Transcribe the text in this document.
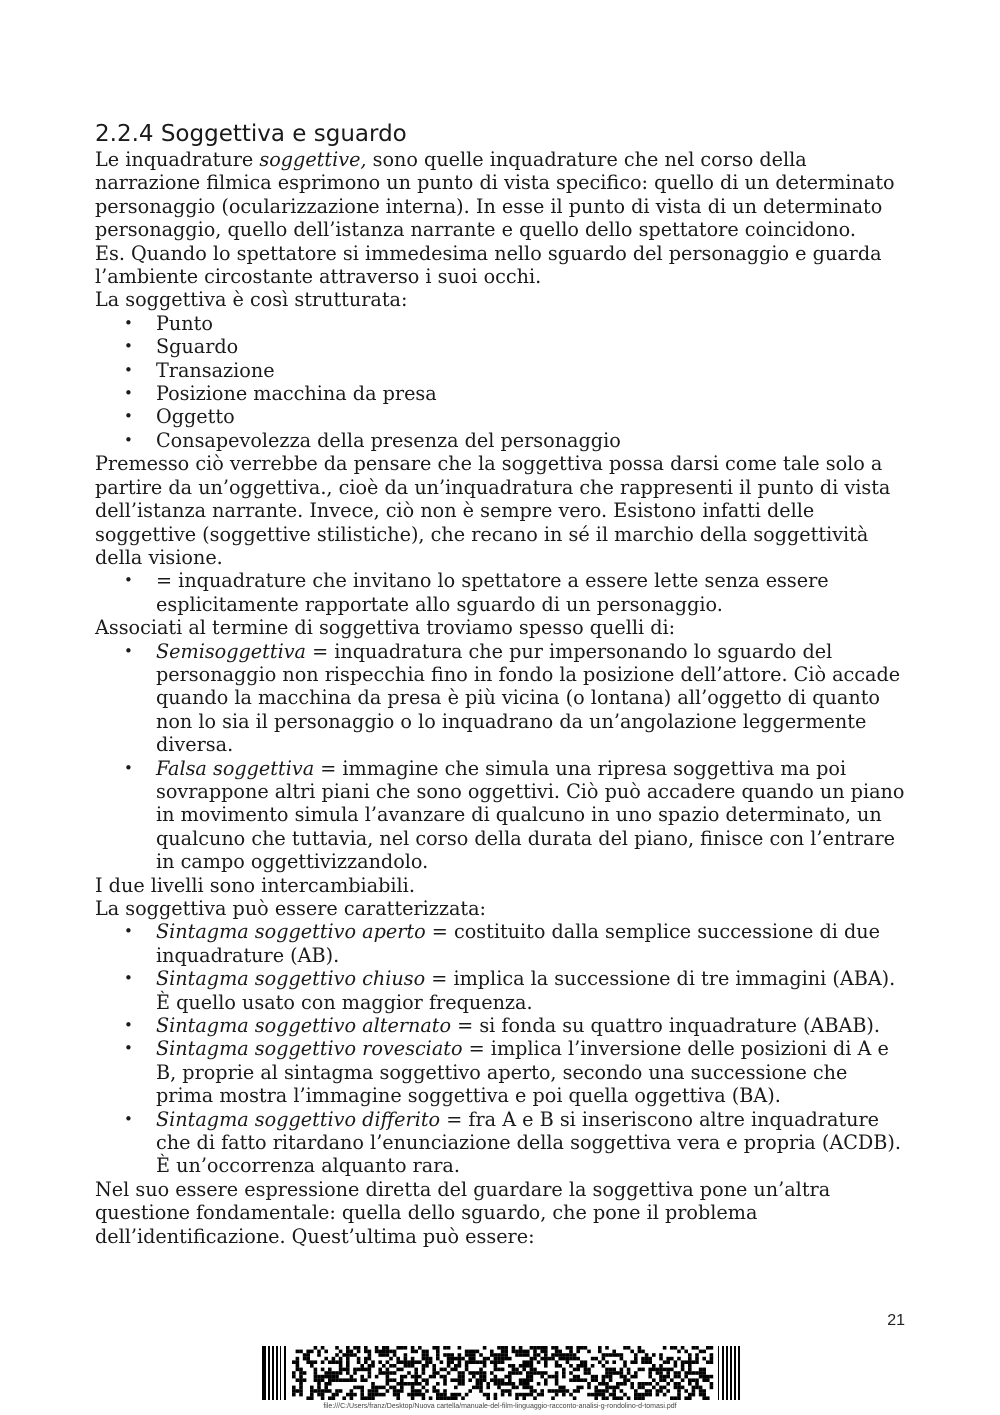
2.2.4 Soggettiva e sguardo

Le inquadrature soggettive, sono quelle inquadrature che nel corso della narrazione filmica esprimono un punto di vista specifico: quello di un determinato personaggio (ocularizzazione interna). In esse il punto di vista di un determinato personaggio, quello dell’istanza narrante e quello dello spettatore coincidono.

Es. Quando lo spettatore si immedesima nello sguardo del personaggio e guarda l’ambiente circostante attraverso i suoi occhi.

La soggettiva è così strutturata:

• Punto
• Sguardo
• Transazione
• Posizione macchina da presa
• Oggetto
• Consapevolezza della presenza del personaggio

Premesso ciò verrebbe da pensare che la soggettiva possa darsi come tale solo a partire da un’oggettiva., cioè da un’inquadratura che rappresenti il punto di vista dell’istanza narrante. Invece, ciò non è sempre vero. Esistono infatti delle soggettive (soggettive stilistiche), che recano in sé il marchio della soggettività della visione.

• = inquadrature che invitano lo spettatore a essere lette senza essere esplicitamente rapportate allo sguardo di un personaggio.

Associati al termine di soggettiva troviamo spesso quelli di:

• Semisoggettiva = inquadratura che pur impersonando lo sguardo del personaggio non rispecchia fino in fondo la posizione dell’attore. Ciò accade quando la macchina da presa è più vicina (o lontana) all’oggetto di quanto non lo sia il personaggio o lo inquadrano da un’angolazione leggermente diversa.
• Falsa soggettiva = immagine che simula una ripresa soggettiva ma poi sovrappone altri piani che sono oggettivi. Ciò può accadere quando un piano in movimento simula l’avanzare di qualcuno in uno spazio determinato, un qualcuno che tuttavia, nel corso della durata del piano, finisce con l’entrare in campo oggettivizzandolo.

I due livelli sono intercambiabili.

La soggettiva può essere caratterizzata:

• Sintagma soggettivo aperto = costituito dalla semplice successione di due inquadrature (AB).
• Sintagma soggettivo chiuso = implica la successione di tre immagini (ABA). È quello usato con maggior frequenza.
• Sintagma soggettivo alternato = si fonda su quattro inquadrature (ABAB).
• Sintagma soggettivo rovesciato = implica l’inversione delle posizioni di A e B, proprie al sintagma soggettivo aperto, secondo una successione che prima mostra l’immagine soggettiva e poi quella oggettiva (BA).
• Sintagma soggettivo differito = fra A e B si inseriscono altre inquadrature che di fatto ritardano l’enunciazione della soggettiva vera e propria (ACDB). È un’occorrenza alquanto rara.

Nel suo essere espressione diretta del guardare la soggettiva pone un’altra questione fondamentale: quella dello sguardo, che pone il problema dell’identificazione. Quest’ultima può essere:

21
file:///C:/Users/franz/Desktop/Nuova cartella/manuale-del-film-linguaggio-racconto-analisi-g-rondolino-d-tomasi.pdf
